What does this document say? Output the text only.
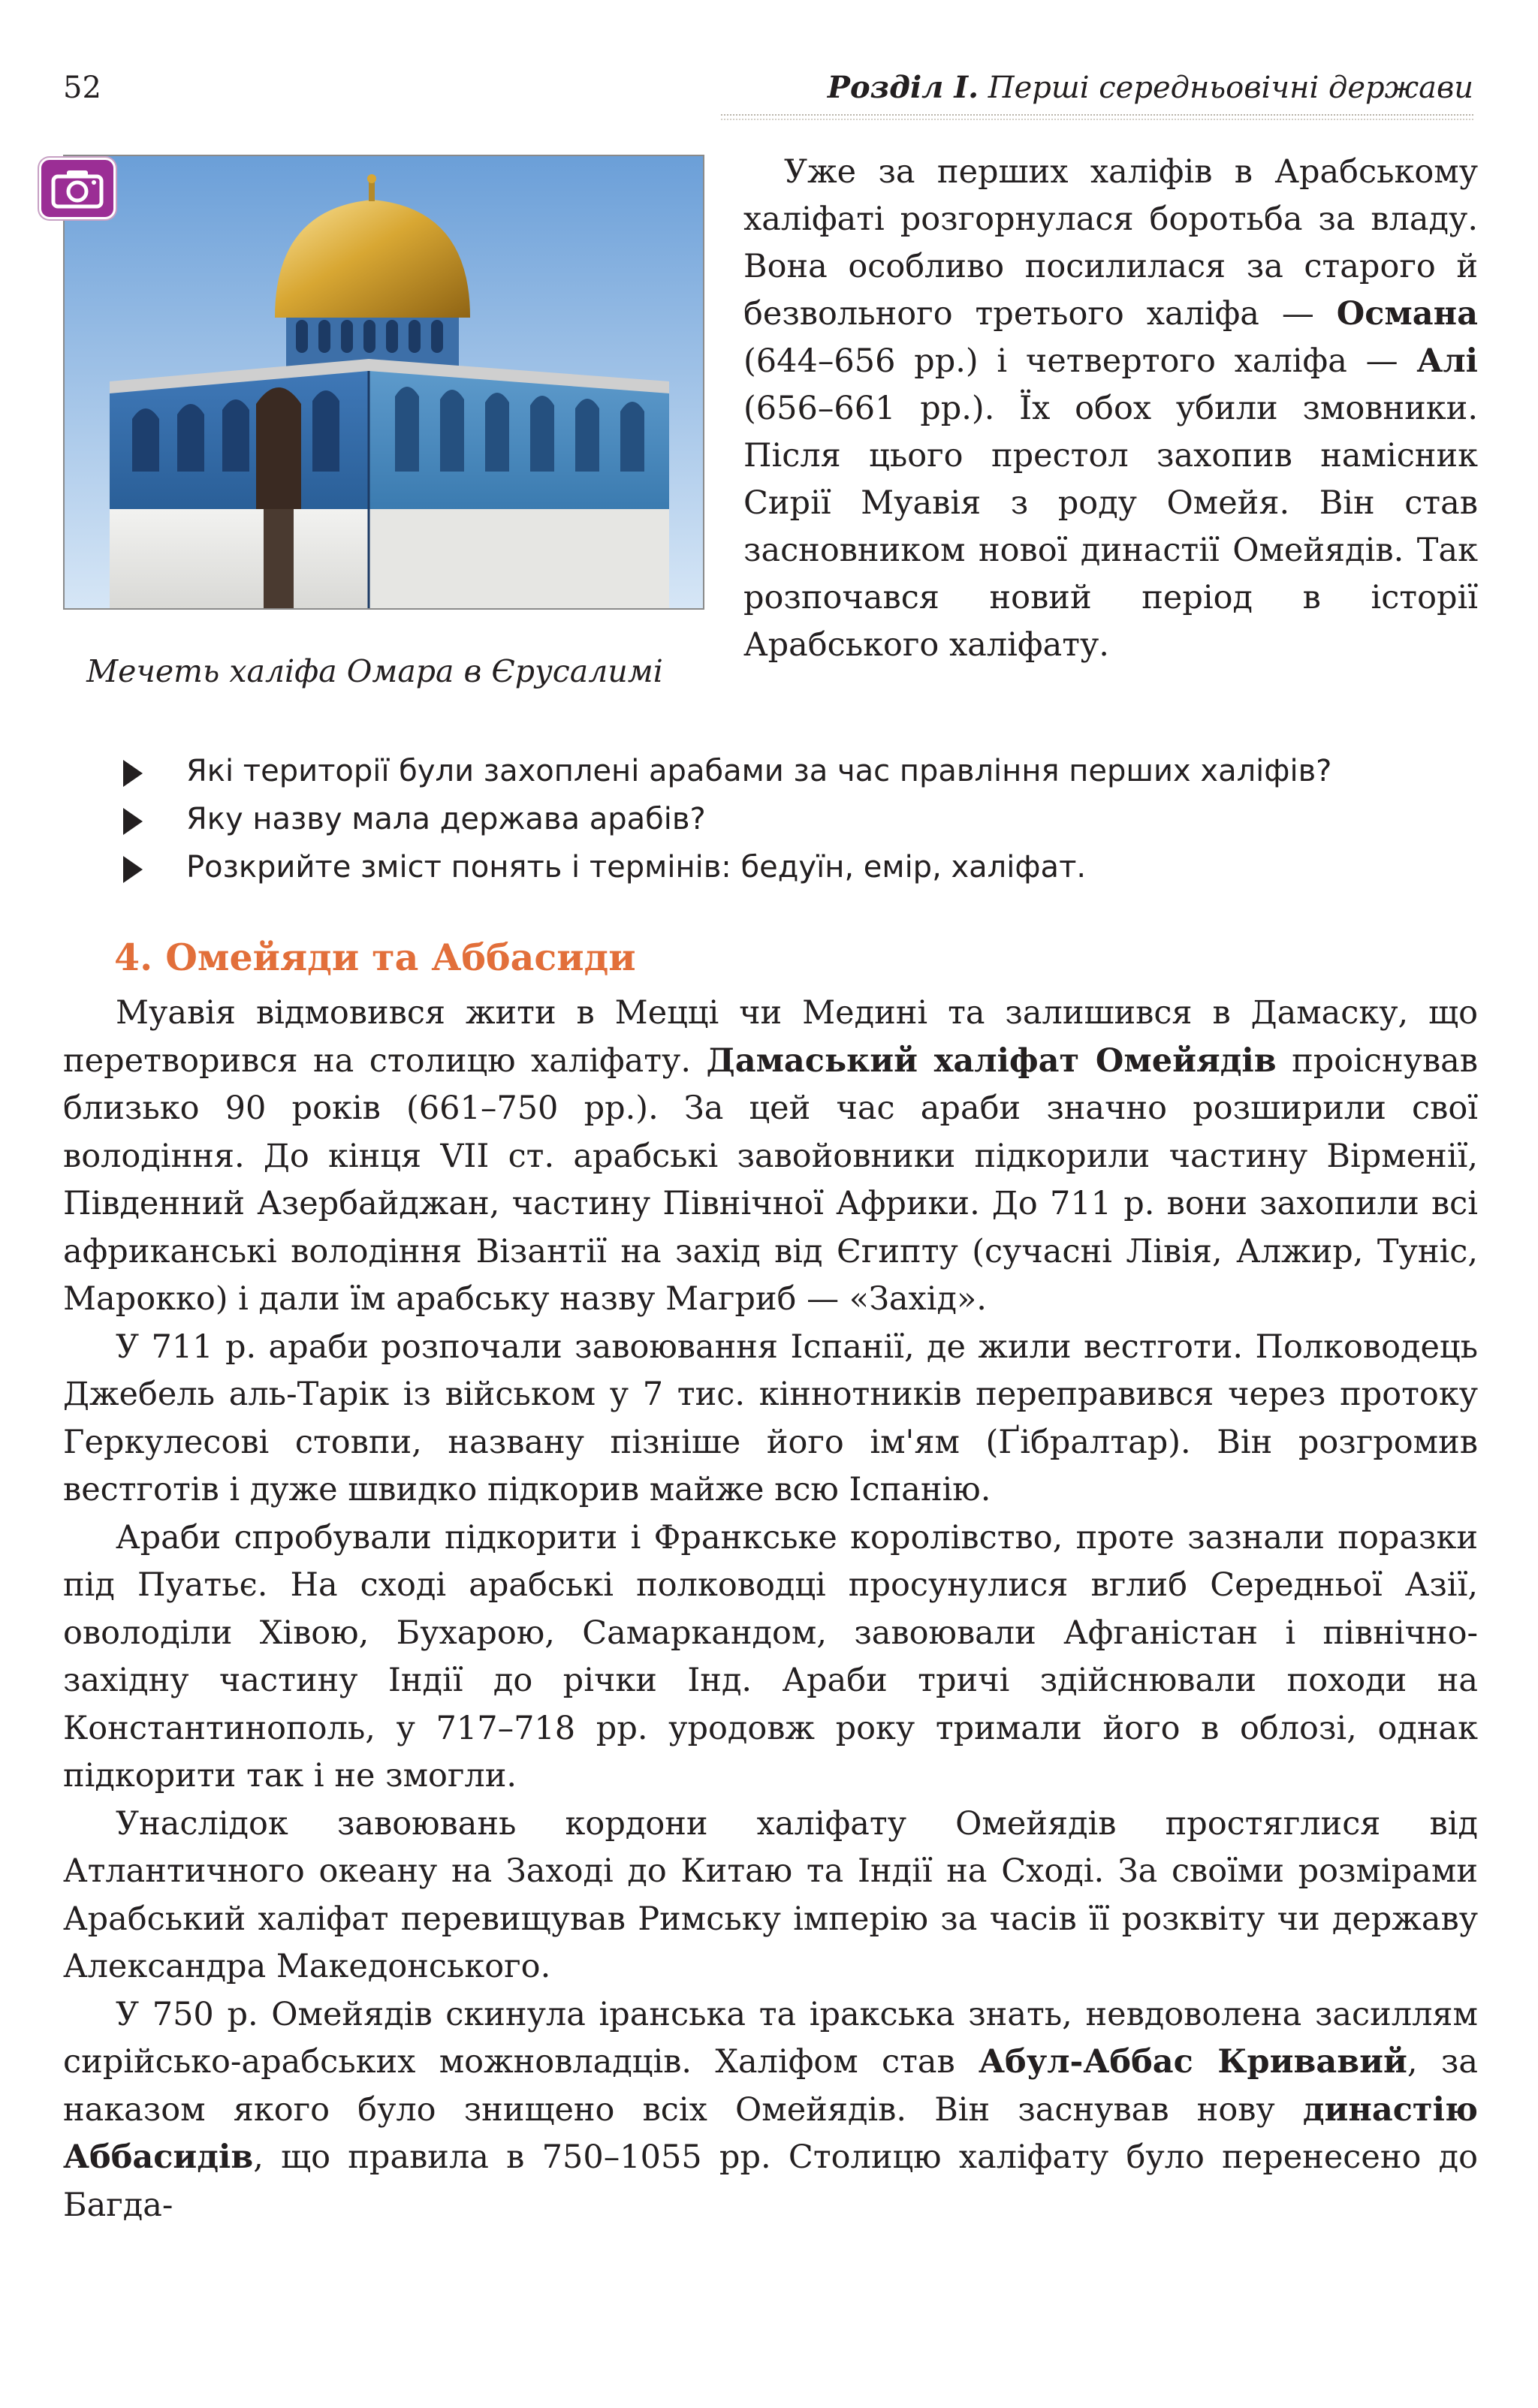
52	Розділ I. Перші середньовічні держави
Мечеть халіфа Омара в Єрусалимі

Уже за перших халіфів в Арабському халіфаті розгорнулася боротьба за владу. Вона особливо посилилася за старого й безвольного третього халіфа — Османа (644–656 рр.) і четвертого халіфа — Алі (656–661 рр.). Їх обох убили змовники. Після цього престол захопив намісник Сирії Муавія з роду Омейя. Він став засновником нової династії Омейядів. Так розпочався новий період в історії Арабського халіфату.

Які території були захоплені арабами за час правління перших халіфів?
Яку назву мала держава арабів?
Розкрийте зміст понять і термінів: бедуїн, емір, халіфат.
4. Омейяди та Аббасиди

Муавія відмовився жити в Мецці чи Медині та залишився в Дамаску, що перетворився на столицю халіфату. Дамаський халіфат Омейядів проіснував близько 90 років (661–750 рр.). За цей час араби значно розширили свої володіння. До кінця VII ст. арабські завойовники підкорили частину Вірменії, Південний Азербайджан, частину Північної Африки. До 711 р. вони захопили всі африканські володіння Візантії на захід від Єгипту (сучасні Лівія, Алжир, Туніс, Марокко) і дали їм арабську назву Магриб — «Захід».

У 711 р. араби розпочали завоювання Іспанії, де жили вестготи. Полководець Джебель аль-Тарік із військом у 7 тис. кіннотників переправився через протоку Геркулесові стовпи, названу пізніше його ім'ям (Ґібралтар). Він розгромив вестготів і дуже швидко підкорив майже всю Іспанію.

Араби спробували підкорити і Франкське королівство, проте зазнали поразки під Пуатьє. На сході арабські полководці просунулися вглиб Середньої Азії, оволоділи Хівою, Бухарою, Самаркандом, завоювали Афганістан і північно-західну частину Індії до річки Інд. Араби тричі здійснювали походи на Константинополь, у 717–718 рр. уродовж року тримали його в облозі, однак підкорити так і не змогли.

Унаслідок завоювань кордони халіфату Омейядів простяглися від Атлантичного океану на Заході до Китаю та Індії на Сході. За своїми розмірами Арабський халіфат перевищував Римську імперію за часів її розквіту чи державу Александра Македонського.

У 750 р. Омейядів скинула іранська та іракська знать, невдоволена засиллям сирійсько-арабських можновладців. Халіфом став Абул-Аббас Кривавий, за наказом якого було знищено всіх Омейядів. Він заснував нову династію Аббасидів, що правила в 750–1055 рр. Столицю халіфату було перенесено до Багда-
